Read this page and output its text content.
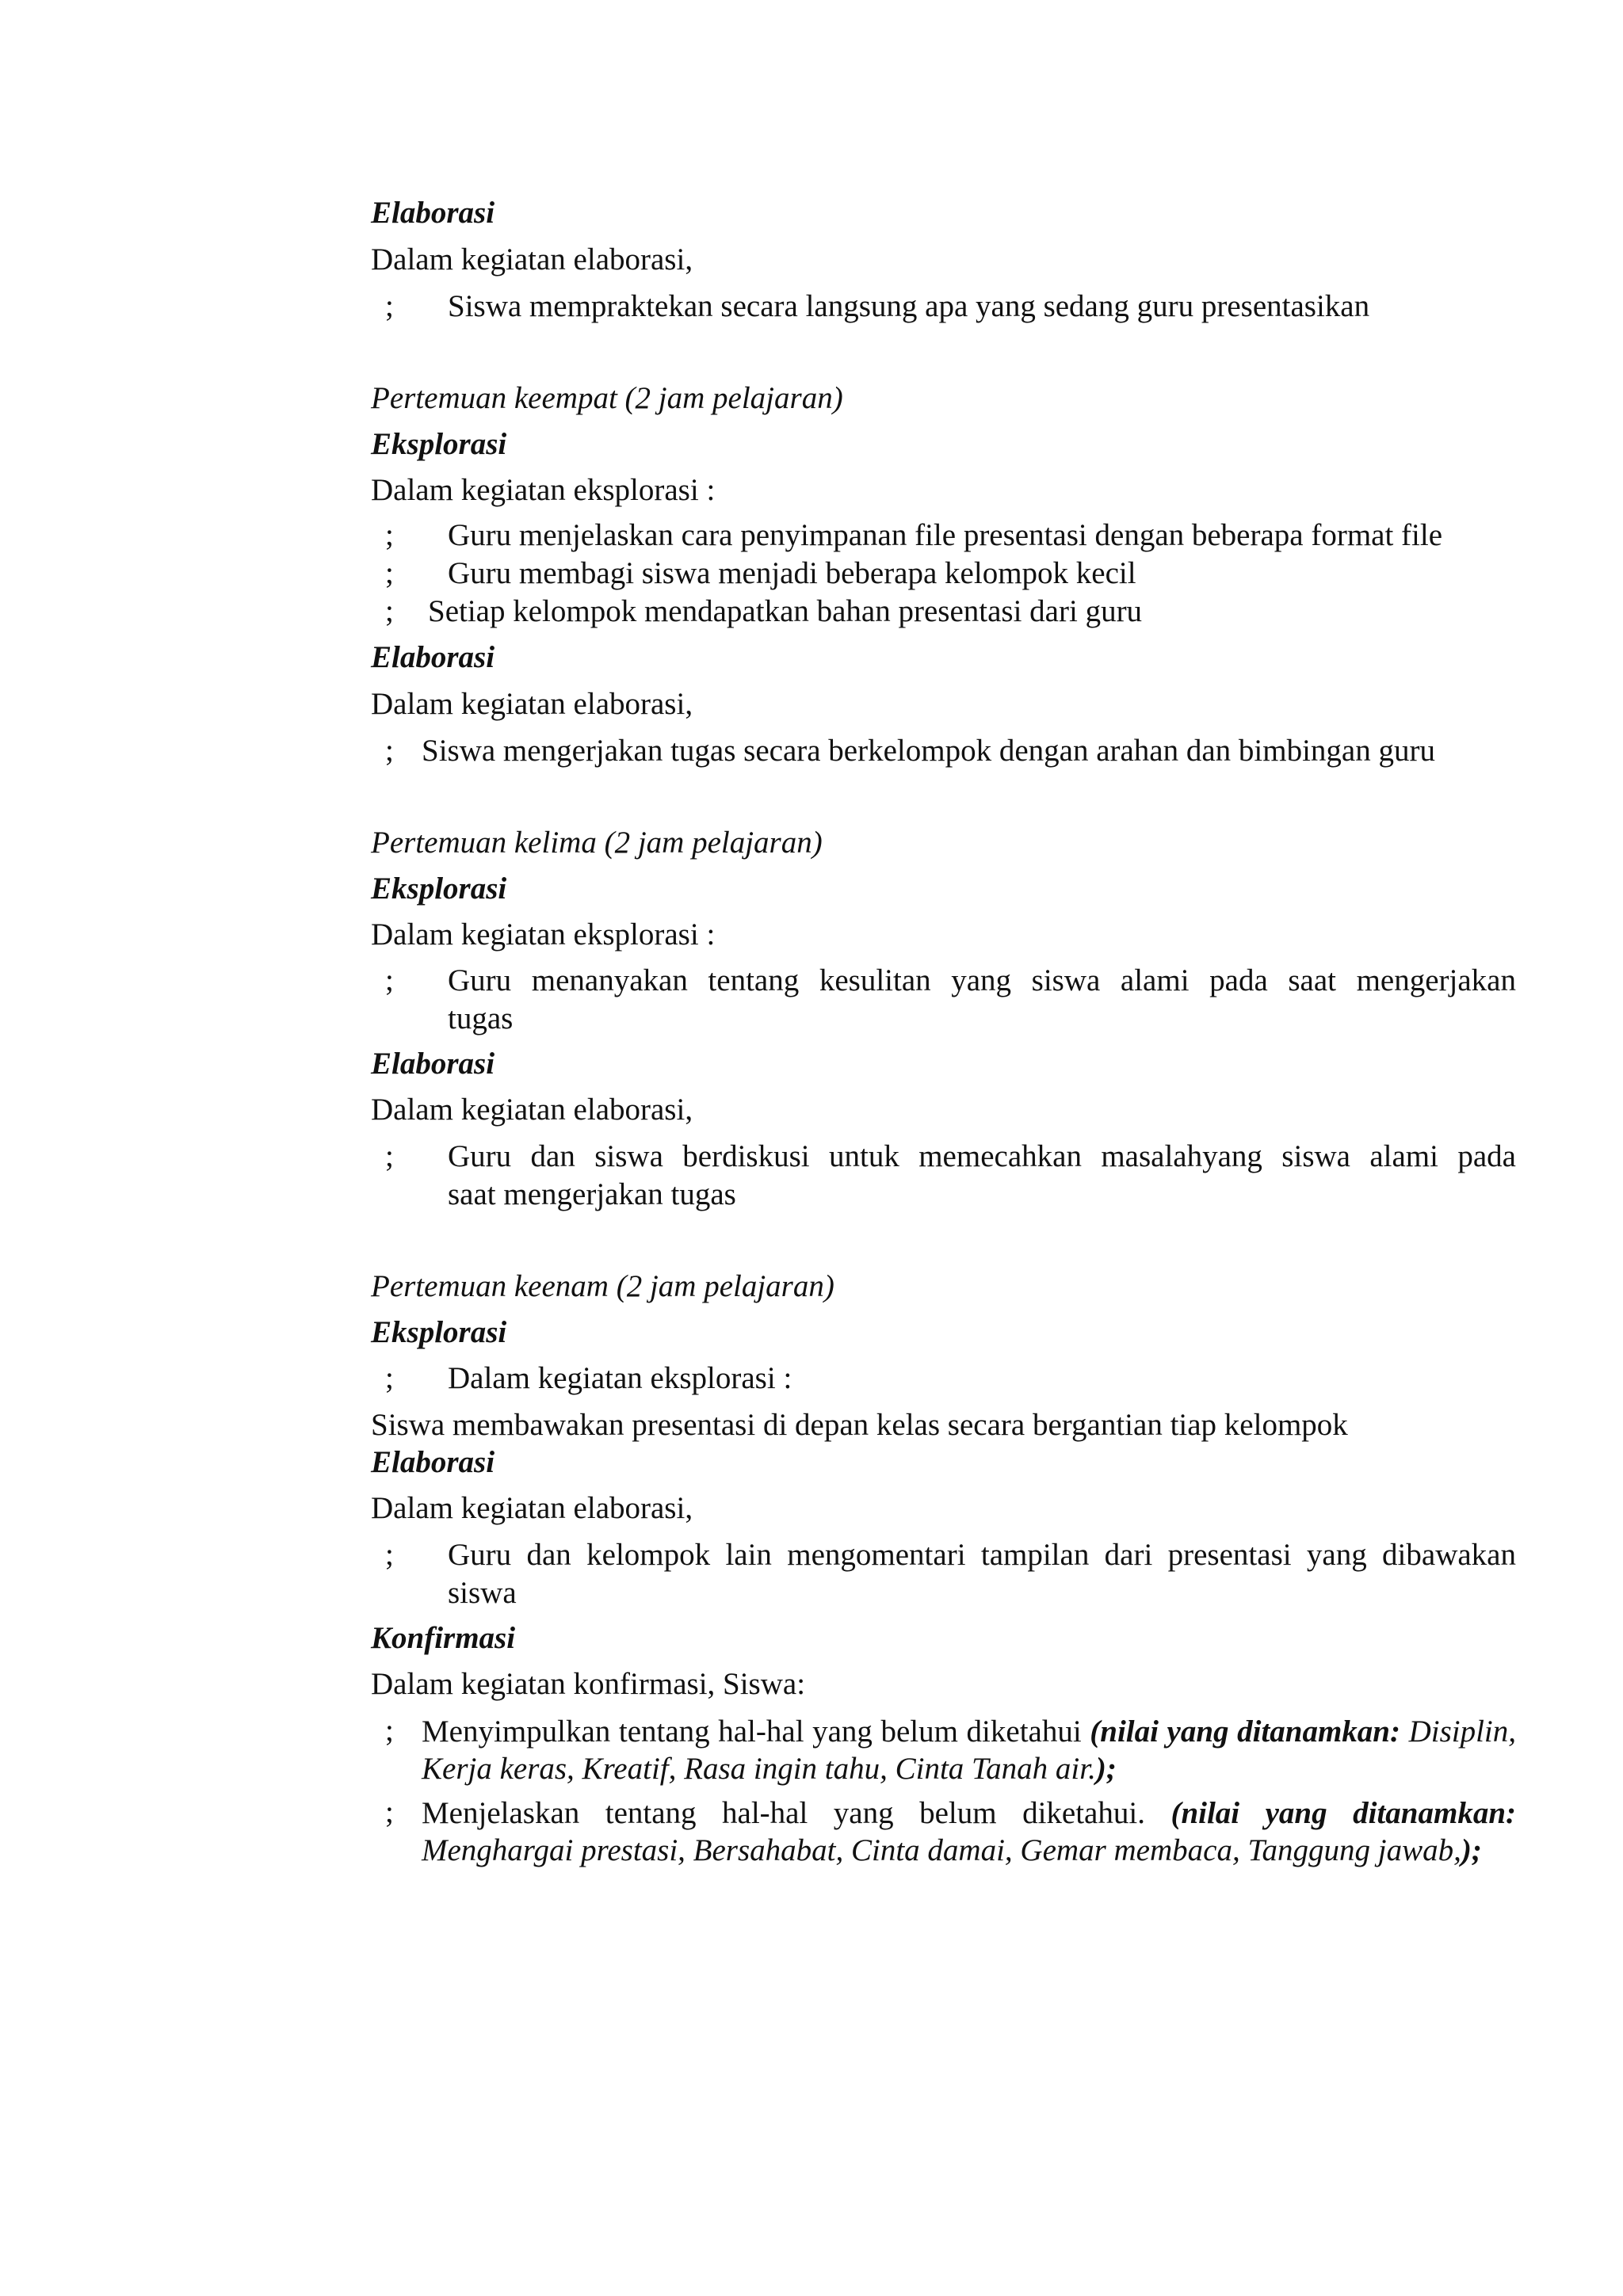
Elaborasi
Dalam kegiatan elaborasi,
; Siswa mempraktekan secara langsung apa yang sedang guru presentasikan
Pertemuan keempat (2 jam pelajaran)
Eksplorasi
Dalam kegiatan eksplorasi :
; Guru menjelaskan cara penyimpanan file presentasi dengan beberapa format file
; Guru membagi siswa menjadi beberapa kelompok kecil
; Setiap kelompok mendapatkan bahan presentasi dari guru
Elaborasi
Dalam kegiatan elaborasi,
; Siswa mengerjakan tugas secara berkelompok dengan arahan dan bimbingan guru
Pertemuan kelima (2 jam pelajaran)
Eksplorasi
Dalam kegiatan eksplorasi :
; Guru menanyakan tentang kesulitan yang siswa alami pada saat mengerjakan
tugas
Elaborasi
Dalam kegiatan elaborasi,
; Guru dan siswa berdiskusi untuk memecahkan masalahyang siswa alami pada
saat mengerjakan tugas
Pertemuan keenam (2 jam pelajaran)
Eksplorasi
; Dalam kegiatan eksplorasi :
Siswa membawakan presentasi di depan kelas secara bergantian tiap kelompok
Elaborasi
Dalam kegiatan elaborasi,
; Guru dan kelompok lain mengomentari tampilan dari presentasi yang dibawakan
siswa
Konfirmasi
Dalam kegiatan konfirmasi, Siswa:
; Menyimpulkan tentang hal-hal yang belum diketahui (nilai yang ditanamkan: Disiplin, Kerja keras, Kreatif, Rasa ingin tahu, Cinta Tanah air.);
; Menjelaskan tentang hal-hal yang belum diketahui. (nilai yang ditanamkan: Menghargai prestasi, Bersahabat, Cinta damai, Gemar membaca, Tanggung jawab,);
